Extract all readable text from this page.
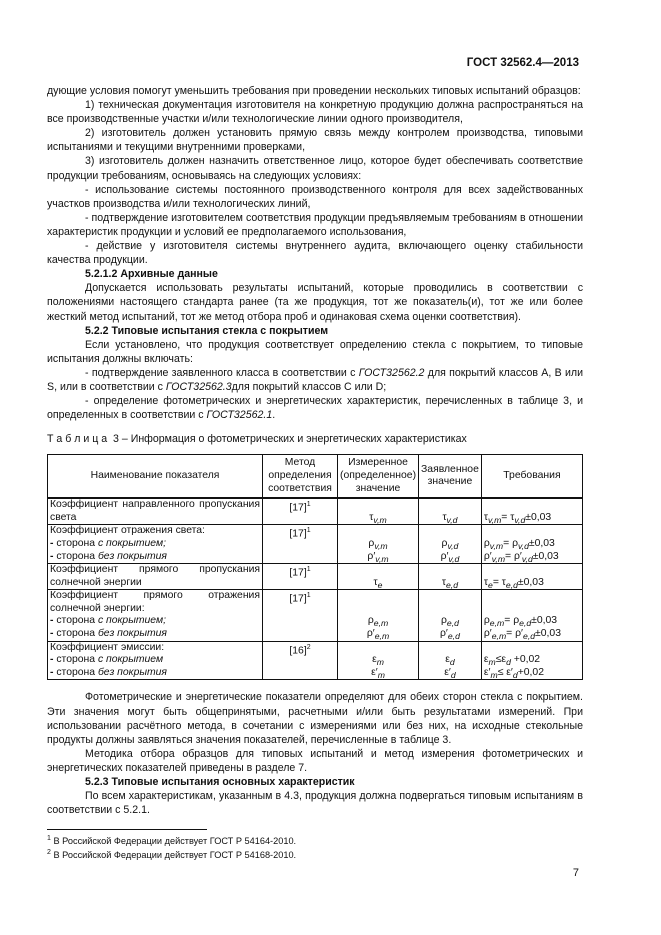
ГОСТ 32562.4—2013

дующие условия помогут уменьшить требования при проведении нескольких типовых испытаний образцов:

1) техническая документация изготовителя на конкретную продукцию должна распространяться на все производственные участки и/или технологические линии одного производителя,

2) изготовитель должен установить прямую связь между контролем производства, типовыми испытаниями и текущими внутренними проверками,

3) изготовитель должен назначить ответственное лицо, которое будет обеспечивать соответствие продукции требованиям, основываясь на следующих условиях:

- использование системы постоянного производственного контроля для всех задействованных участков производства и/или технологических линий,

- подтверждение изготовителем соответствия продукции предъявляемым требованиям в отношении характеристик продукции и условий ее предполагаемого использования,

- действие у изготовителя системы внутреннего аудита, включающего оценку стабильности качества продукции.

5.2.1.2 Архивные данные

Допускается использовать результаты испытаний, которые проводились в соответствии с положениями настоящего стандарта ранее (та же продукция, тот же показатель(и), тот же или более жесткий метод испытаний, тот же метод отбора проб и одинаковая схема оценки соответствия).

5.2.2 Типовые испытания стекла с покрытием

Если установлено, что продукция соответствует определению стекла с покрытием, то типовые испытания должны включать:

- подтверждение заявленного класса в соответствии с ГОСТ32562.2 для покрытий классов A, B или S, или в соответствии с ГОСТ32562.3для покрытий классов C или D;

- определение фотометрических и энергетических характеристик, перечисленных в таблице 3, и определенных в соответствии с ГОСТ32562.1.

Т а б л и ц а  3 – Информация о фотометрических и энергетических характеристиках

Наименование показателя	Метод определения соответствия	Измеренное (определенное) значение	Заявленное значение	Требования

Коэффициент направленного пропускания света	$[17]^1$	$\tau_{v,m}$	$\tau_{v,d}$	$\tau_{v,m}= \tau_{v,d}\pm 0,03$

Коэффициент отражения света:
- сторона с покрытием;
- сторона без покрытия	$[17]^1$	$\rho_{v,m}$
$\rho'_{v,m}$	$\rho_{v,d}$
$\rho'_{v,d}$	$\rho_{v,m}= \rho_{v,d}\pm 0,03$
$\rho'_{v,m}= \rho'_{v,d}\pm 0,03$

Коэффициент прямого пропускания солнечной энергии	$[17]^1$	$\tau_e$	$\tau_{e,d}$	$\tau_e= \tau_{e,d}\pm 0,03$

Коэффициент прямого отражения солнечной энергии:
- сторона с покрытием;
- сторона без покрытия	$[17]^1$	$\rho_{e,m}$
$\rho'_{e,m}$	$\rho_{e,d}$
$\rho'_{e,d}$	$\rho_{e,m}= \rho_{e,d}\pm 0,03$
$\rho'_{e,m}= \rho'_{e,d}\pm 0,03$

Коэффициент эмиссии:
- сторона с покрытием
- сторона без покрытия	$[16]^2$	$\varepsilon_m$
$\varepsilon'_m$	$\varepsilon_d$
$\varepsilon'_d$	$\varepsilon_m\le\varepsilon_d +0,02$
$\varepsilon'_m\le \varepsilon'_d+0,02$

Фотометрические и энергетические показатели определяют для обеих сторон стекла с покрытием. Эти значения могут быть общепринятыми, расчетными и/или быть результатами измерений. При использовании расчётного метода, в сочетании с измерениями или без них, на исходные стекольные продукты должны заявляться значения показателей, перечисленные в таблице 3.

Методика отбора образцов для типовых испытаний и метод измерения фотометрических и энергетических показателей приведены в разделе 7.

5.2.3 Типовые испытания основных характеристик

По всем характеристикам, указанным в 4.3, продукция должна подвергаться типовым испытаниям в соответствии с 5.2.1.

$^1$ В Российской Федерации действует ГОСТ Р 54164-2010.
$^2$ В Российской Федерации действует ГОСТ Р 54168-2010.
7
